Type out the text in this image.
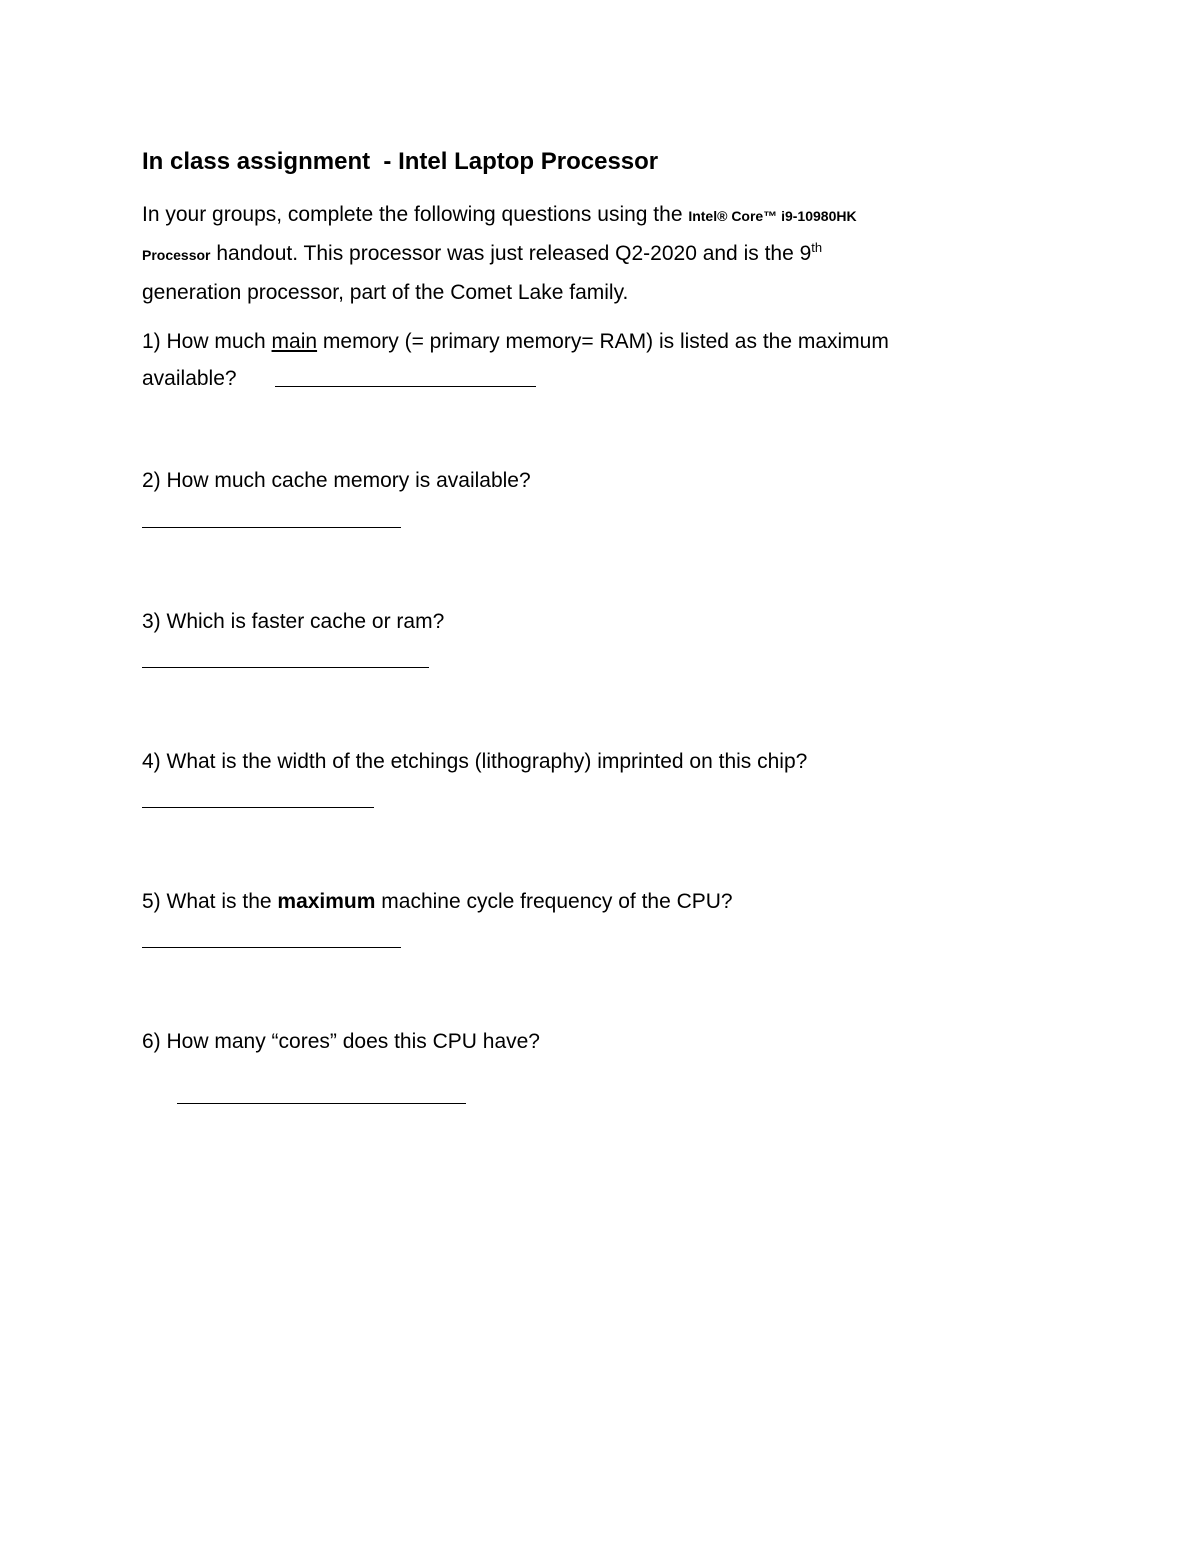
In class assignment  - Intel Laptop Processor

In your groups, complete the following questions using the Intel® Core™ i9-10980HK
Processor handout. This processor was just released Q2-2020 and is the 9th
generation processor, part of the Comet Lake family.

1) How much main memory (= primary memory= RAM) is listed as the maximum
available?

2) How much cache memory is available?

3) Which is faster cache or ram?

4) What is the width of the etchings (lithography) imprinted on this chip?

5) What is the maximum machine cycle frequency of the CPU?

6) How many “cores” does this CPU have?
